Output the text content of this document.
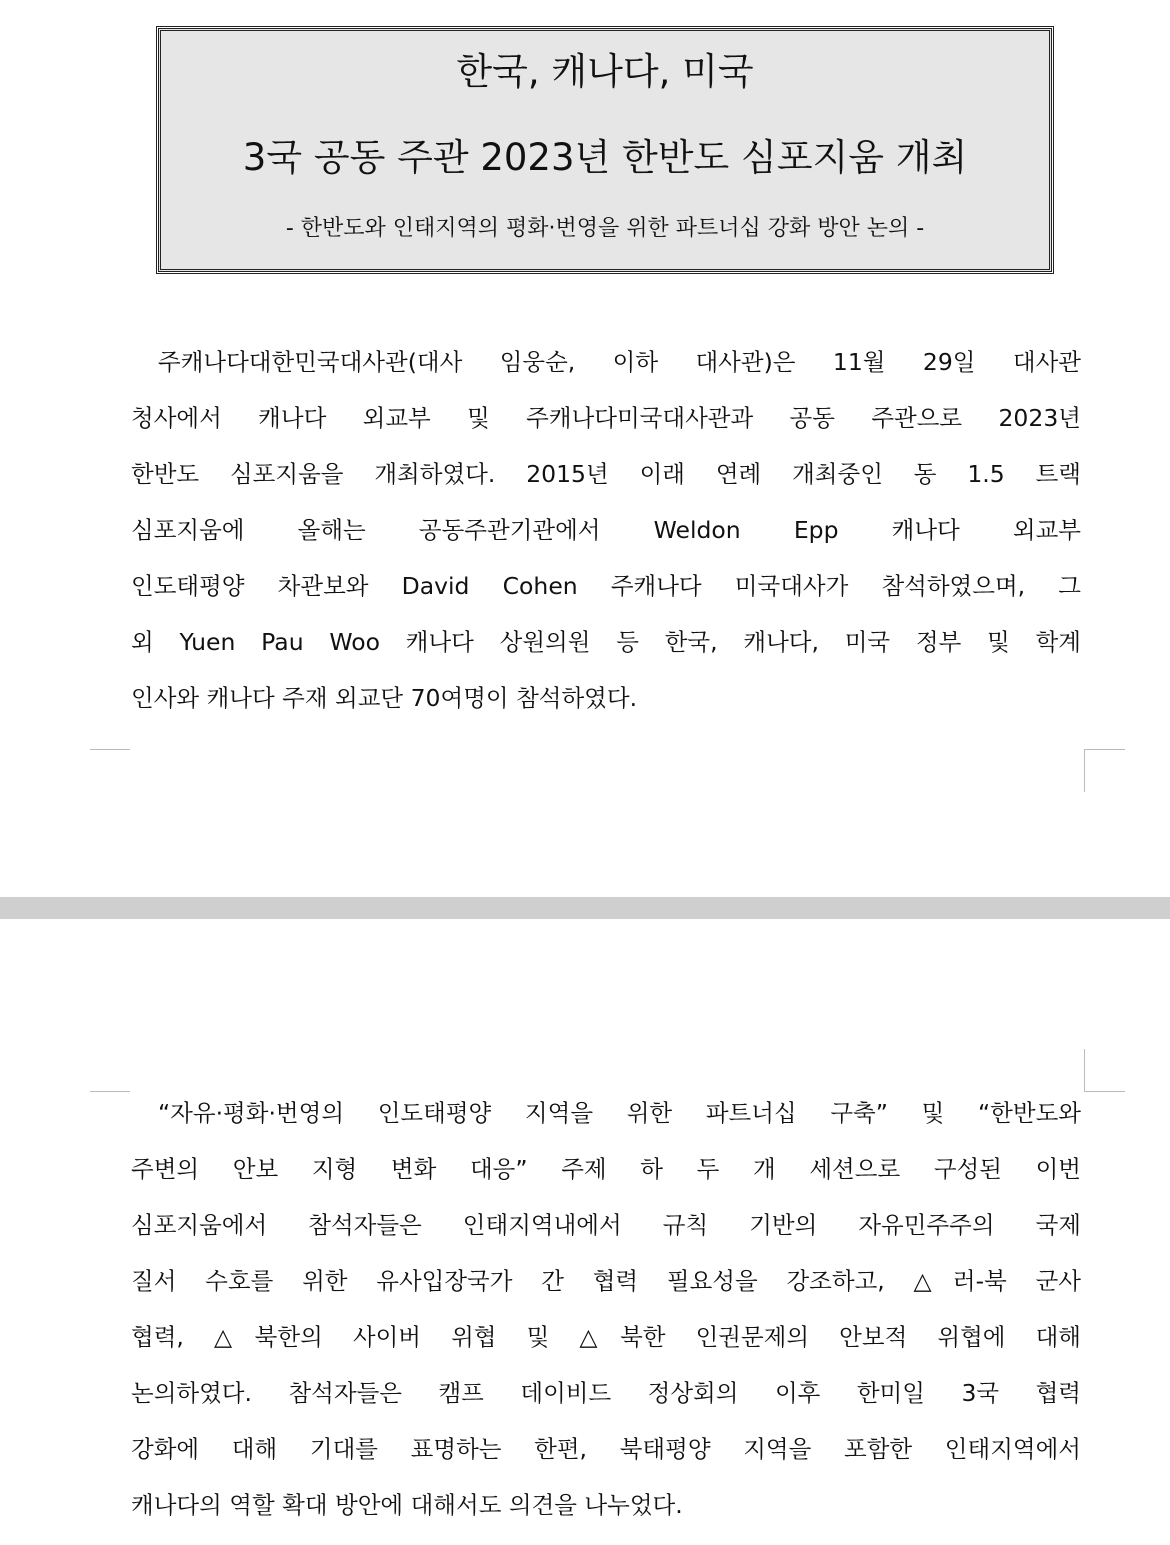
한국, 캐나다, 미국
3국 공동 주관 2023년 한반도 심포지움 개최
- 한반도와 인태지역의 평화·번영을 위한 파트너십 강화 방안 논의 -
주캐나다대한민국대사관(대사 임웅순, 이하 대사관)은 11월 29일 대사관
청사에서 캐나다 외교부 및 주캐나다미국대사관과 공동 주관으로 2023년
한반도 심포지움을 개최하였다. 2015년 이래 연례 개최중인 동 1.5 트랙
심포지움에 올해는 공동주관기관에서 Weldon Epp 캐나다 외교부
인도태평양 차관보와 David Cohen 주캐나다 미국대사가 참석하였으며, 그
외 Yuen Pau Woo 캐나다 상원의원 등 한국, 캐나다, 미국 정부 및 학계
인사와 캐나다 주재 외교단 70여명이 참석하였다.
“자유·평화·번영의 인도태평양 지역을 위한 파트너십 구축” 및 “한반도와
주변의 안보 지형 변화 대응” 주제 하 두 개 세션으로 구성된 이번
심포지움에서 참석자들은 인태지역내에서 규칙 기반의 자유민주주의 국제
질서 수호를 위한 유사입장국가 간 협력 필요성을 강조하고, △러-북 군사
협력, △북한의 사이버 위협 및 △북한 인권문제의 안보적 위협에 대해
논의하였다. 참석자들은 캠프 데이비드 정상회의 이후 한미일 3국 협력
강화에 대해 기대를 표명하는 한편, 북태평양 지역을 포함한 인태지역에서
캐나다의 역할 확대 방안에 대해서도 의견을 나누었다.
